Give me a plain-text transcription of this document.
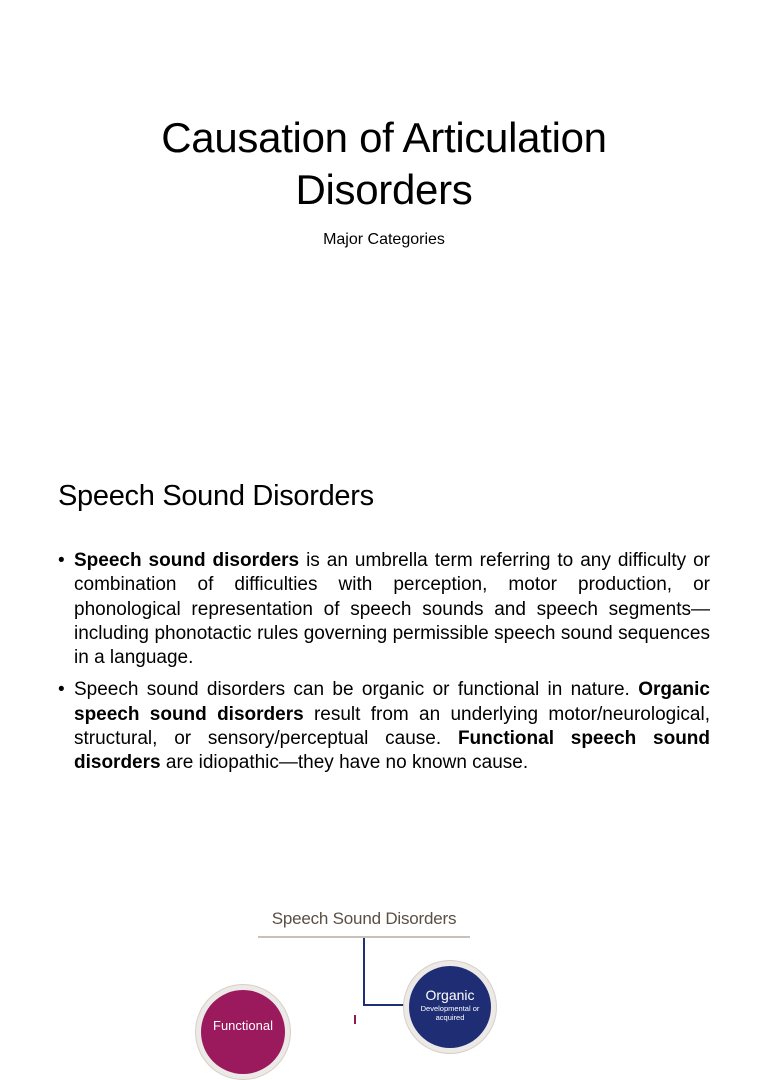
Causation of Articulation Disorders
Major Categories
Speech Sound Disorders
• Speech sound disorders is an umbrella term referring to any difficulty or combination of difficulties with perception, motor production, or phonological representation of speech sounds and speech segments—including phonotactic rules governing permissible speech sound sequences in a language.
• Speech sound disorders can be organic or functional in nature. Organic speech sound disorders result from an underlying motor/neurological, structural, or sensory/perceptual cause. Functional speech sound disorders are idiopathic—they have no known cause.
Speech Sound Disorders
Organic
Developmental or acquired
Functional
